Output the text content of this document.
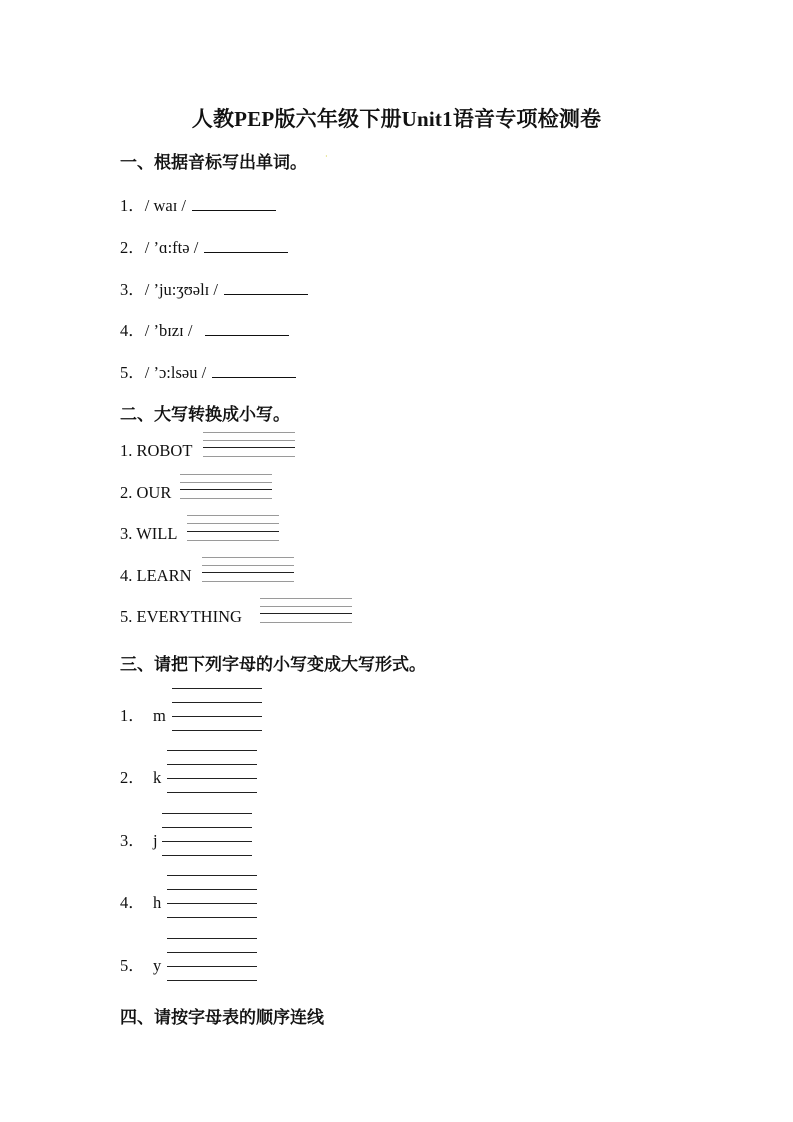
人教PEP版六年级下册Unit1语音专项检测卷
一、根据音标写出单词。 ·
1．/ waɪ /
2．/ ’ɑ:ftə /
3．/ ’ju:ʒʊəlɪ /
4．/ ’bɪzɪ /
5．/ ’ɔ:lsəu /
二、大写转换成小写。
1. ROBOT
2. OUR
3. WILL
4. LEARN
5. EVERYTHING
三、请把下列字母的小写变成大写形式。
1．  m
2．  k
3．  j
4．  h
5．  y
四、请按字母表的顺序连线
